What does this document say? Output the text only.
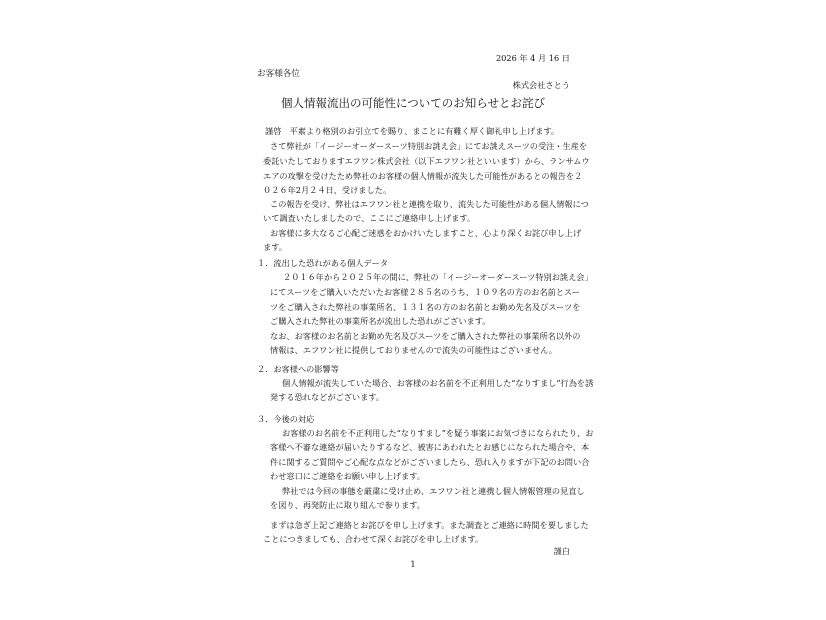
2026 年 4 月 16 日
お客様各位
株式会社さとう
個人情報流出の可能性についてのお知らせとお詫び
謹啓　平素より格別のお引立てを賜り、まことに有難く厚く御礼申し上げます。
さて弊社が「イージーオーダースーツ特別お誂え会」にてお誂えスーツの受注・生産を
委託いたしておりますエフワン株式会社（以下エフワン社といいます）から、ランサムウ
エアの攻撃を受けたため弊社のお客様の個人情報が流失した可能性があるとの報告を２
０２６年2月２４日、受けました。
この報告を受け、弊社はエフワン社と連携を取り、流失した可能性がある個人情報につ
いて調査いたしましたので、ここにご連絡申し上げます。
お客様に多大なるご心配ご迷惑をおかけいたしますこと、心より深くお詫び申し上げ
ます。
１．流出した恐れがある個人データ
２０１６年から２０２５年の間に、弊社の「イージーオーダースーツ特別お誂え会」
にてスーツをご購入いただいたお客様２８５名のうち、１０９名の方のお名前とスー
ツをご購入された弊社の事業所名、１３１名の方のお名前とお勤め先名及びスーツを
ご購入された弊社の事業所名が流出した恐れがございます。
なお、お客様のお名前とお勤め先名及びスーツをご購入された弊社の事業所名以外の
情報は、エフワン社に提供しておりませんので流失の可能性はございません。
２．お客様への影響等
個人情報が流失していた場合、お客様のお名前を不正利用した“なりすまし”行為を誘
発する恐れなどがございます。
３．今後の対応
お客様のお名前を不正利用した“なりすまし”を疑う事案にお気づきになられたり、お
客様へ不審な連絡が届いたりするなど、被害にあわれたとお感じになられた場合や、本
件に関するご質問やご心配な点などがございましたら、恐れ入りますが下記のお問い合
わせ窓口にご連絡をお願い申し上げます。
弊社では今回の事態を厳粛に受け止め、エフワン社と連携し個人情報管理の見直し
を図り、再発防止に取り組んで参ります。
まずは急ぎ上記ご連絡とお詫びを申し上げます。また調査とご連絡に時間を要しました
ことにつきましても、合わせて深くお詫びを申し上げます。
謹白
1
